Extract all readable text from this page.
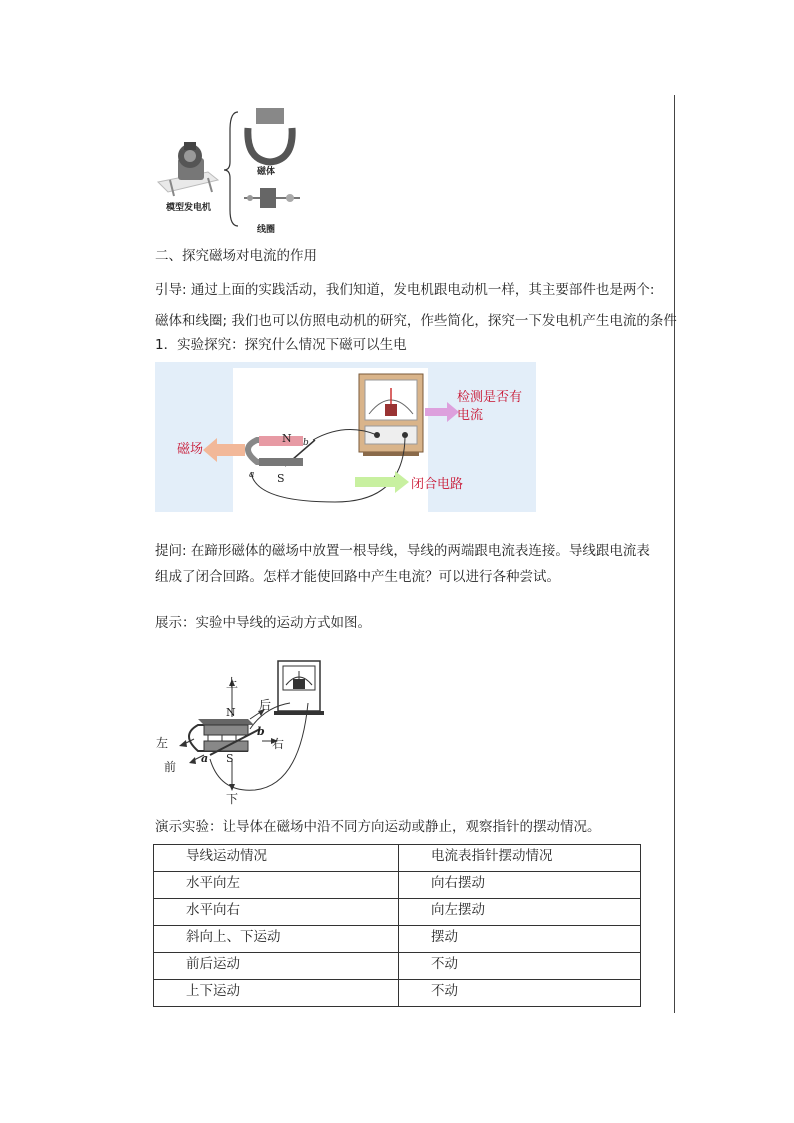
模型发电机
磁体
线圈
二、探究磁场对电流的作用
引导: 通过上面的实践活动，我们知道，发电机跟电动机一样，其主要部件也是两个:
磁体和线圈; 我们也可以仿照电动机的研究，作些简化，探究一下发电机产生电流的条件
1．实验探究：探究什么情况下磁可以生电
检测是否有
电流
磁场
闭合电路
N
S
a
b
提问: 在蹄形磁体的磁场中放置一根导线，导线的两端跟电流表连接。导线跟电流表
组成了闭合回路。怎样才能使回路中产生电流？可以进行各种尝试。
展示：实验中导线的运动方式如图。
上
下
左	右
前
后
N
S
a
b
演示实验：让导体在磁场中沿不同方向运动或静止，观察指针的摆动情况。
导线运动情况	电流表指针摆动情况
水平向左	向右摆动
水平向右	向左摆动
斜向上、下运动	摆动
前后运动	不动
上下运动	不动
